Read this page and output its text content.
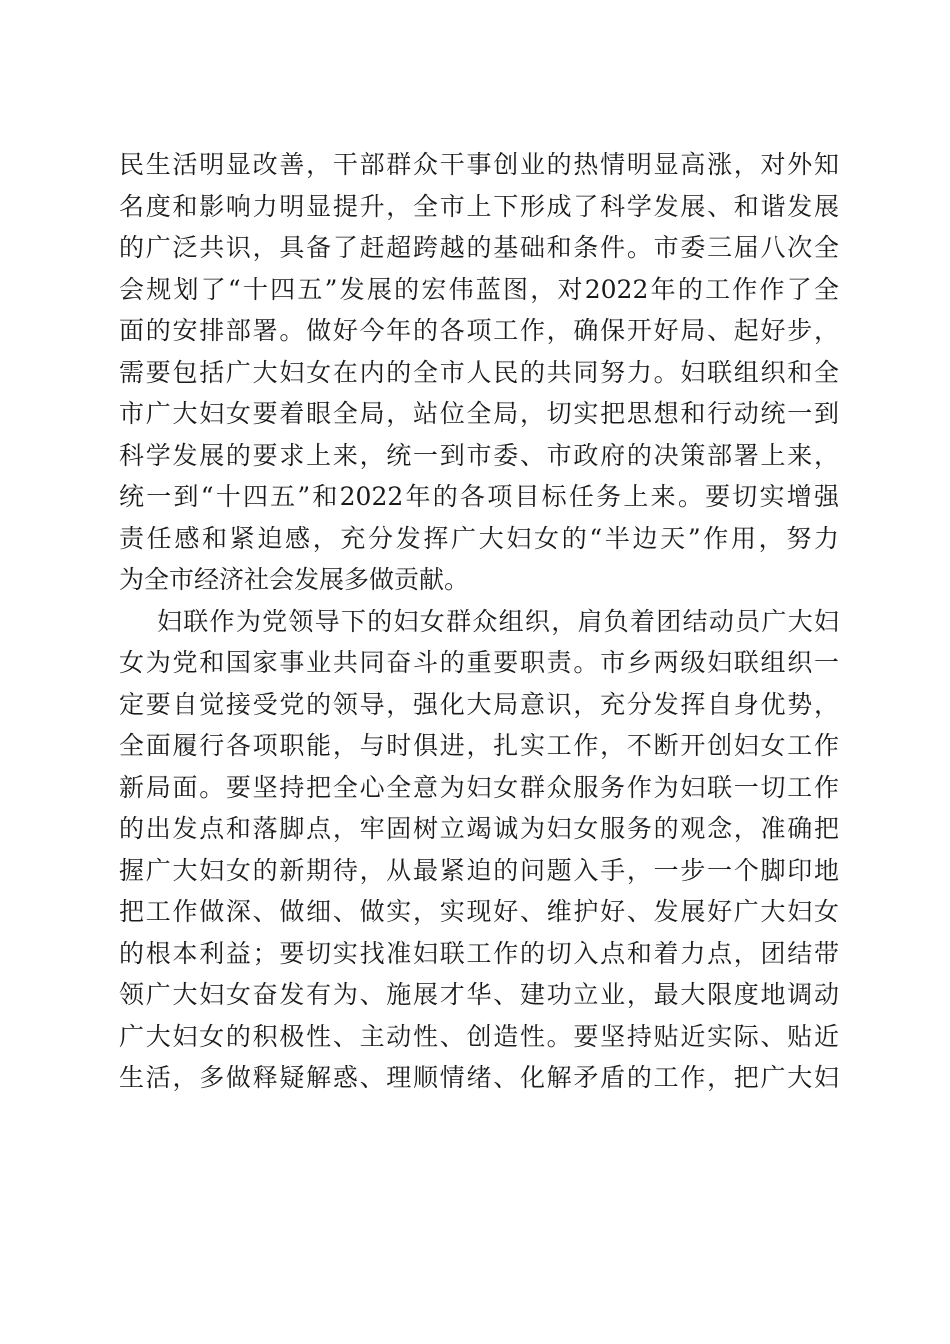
民生活明显改善，干部群众干事创业的热情明显高涨，对外知
名度和影响力明显提升，全市上下形成了科学发展、和谐发展
的广泛共识，具备了赶超跨越的基础和条件。市委三届八次全
会规划了“十四五”发展的宏伟蓝图，对2022年的工作作了全
面的安排部署。做好今年的各项工作，确保开好局、起好步，
需要包括广大妇女在内的全市人民的共同努力。妇联组织和全
市广大妇女要着眼全局，站位全局，切实把思想和行动统一到
科学发展的要求上来，统一到市委、市政府的决策部署上来，
统一到“十四五”和2022年的各项目标任务上来。要切实增强
责任感和紧迫感，充分发挥广大妇女的“半边天”作用，努力
为全市经济社会发展多做贡献。
妇联作为党领导下的妇女群众组织，肩负着团结动员广大妇
女为党和国家事业共同奋斗的重要职责。市乡两级妇联组织一
定要自觉接受党的领导，强化大局意识，充分发挥自身优势，
全面履行各项职能，与时俱进，扎实工作，不断开创妇女工作
新局面。要坚持把全心全意为妇女群众服务作为妇联一切工作
的出发点和落脚点，牢固树立竭诚为妇女服务的观念，准确把
握广大妇女的新期待，从最紧迫的问题入手，一步一个脚印地
把工作做深、做细、做实，实现好、维护好、发展好广大妇女
的根本利益；要切实找准妇联工作的切入点和着力点，团结带
领广大妇女奋发有为、施展才华、建功立业，最大限度地调动
广大妇女的积极性、主动性、创造性。要坚持贴近实际、贴近
生活，多做释疑解惑、理顺情绪、化解矛盾的工作，把广大妇
